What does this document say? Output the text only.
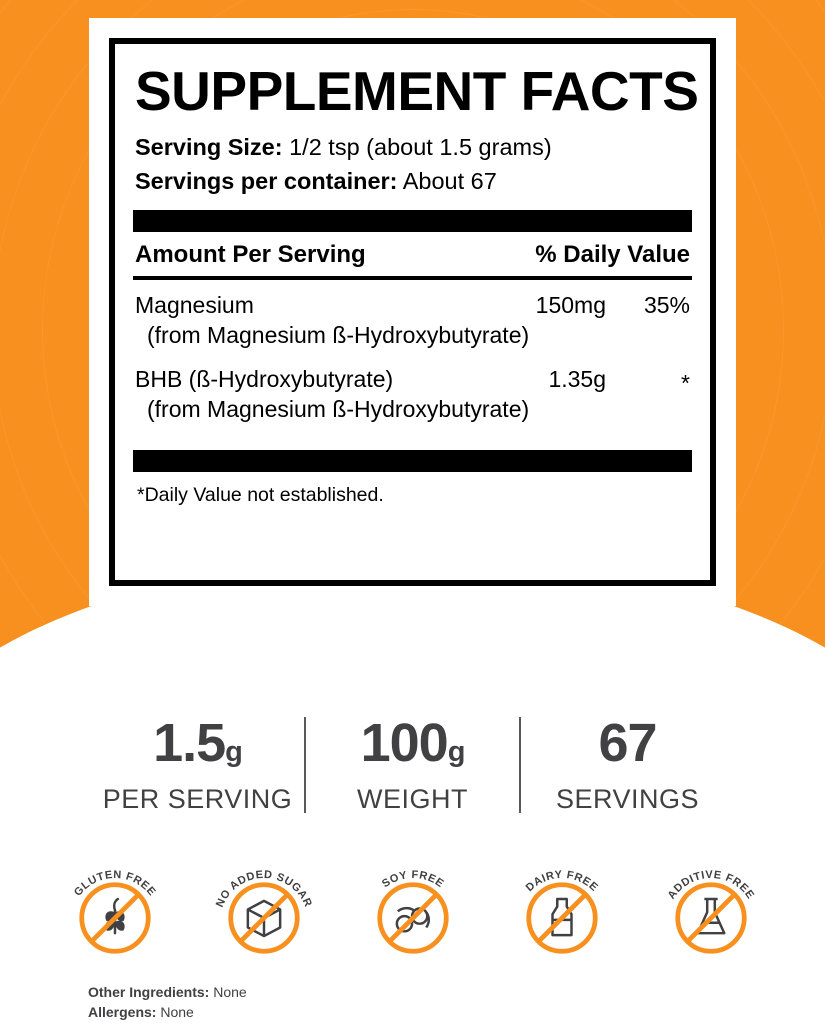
SUPPLEMENT FACTS
Serving Size: 1/2 tsp (about 1.5 grams)
Servings per container: About 67
Amount Per Serving	% Daily Value
Magnesium	150mg	35%
(from Magnesium ß-Hydroxybutyrate)
BHB (ß-Hydroxybutyrate)	1.35g	*
(from Magnesium ß-Hydroxybutyrate)
*Daily Value not established.
1.5g
PER SERVING
100g
WEIGHT
67
SERVINGS
GLUTEN FREE
NO ADDED SUGAR
SOY FREE	DAIRY FREE
ADDITIVE FREE
Other Ingredients: None
Allergens: None
